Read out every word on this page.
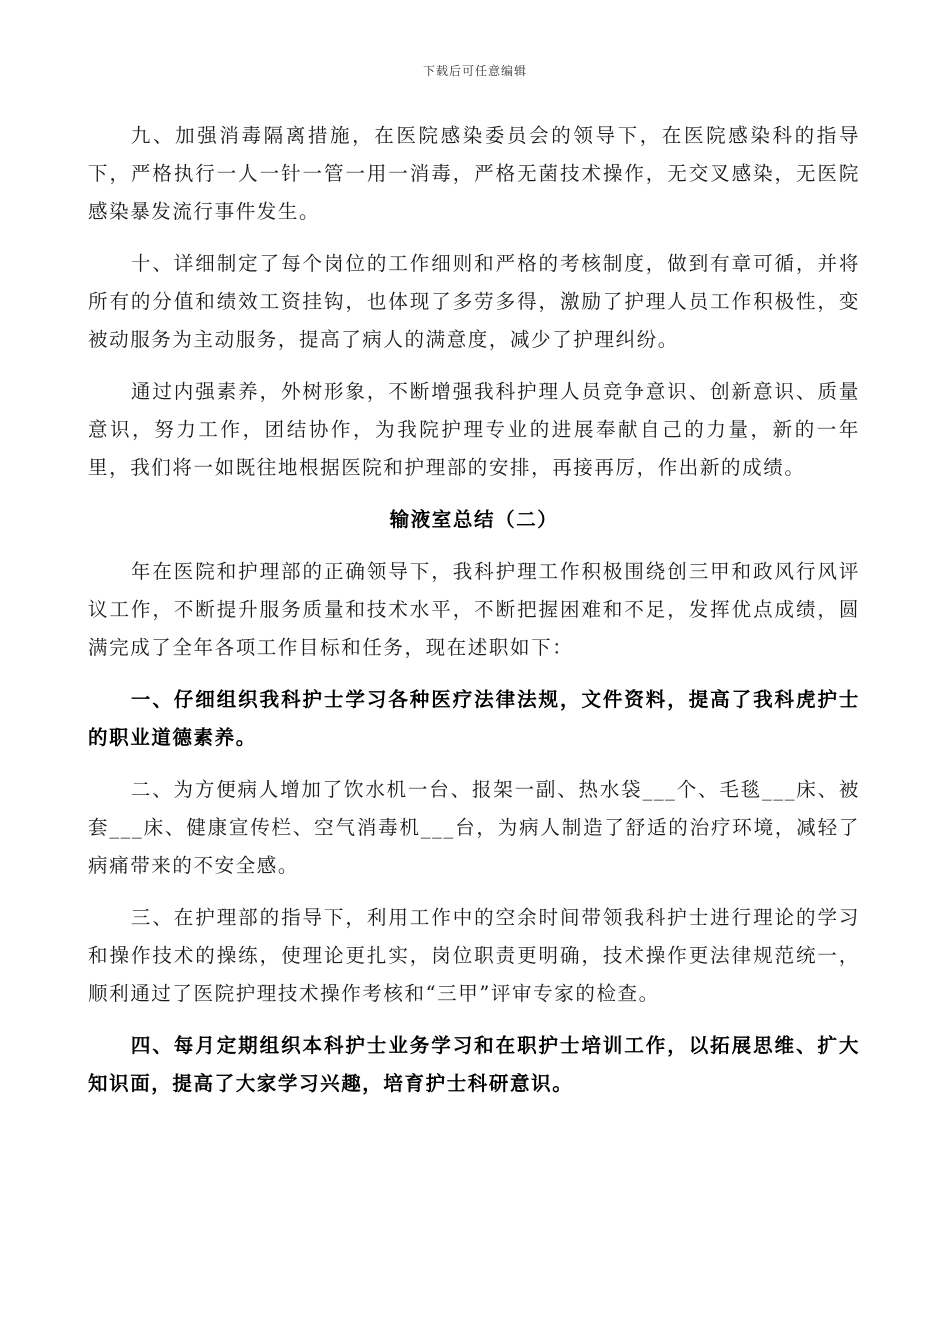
下载后可任意编辑

九、加强消毒隔离措施，在医院感染委员会的领导下，在医院感染科的指导下，严格执行一人一针一管一用一消毒，严格无菌技术操作，无交叉感染，无医院感染暴发流行事件发生。

十、详细制定了每个岗位的工作细则和严格的考核制度，做到有章可循，并将所有的分值和绩效工资挂钩，也体现了多劳多得，激励了护理人员工作积极性，变被动服务为主动服务，提高了病人的满意度，减少了护理纠纷。

通过内强素养，外树形象，不断增强我科护理人员竞争意识、创新意识、质量意识，努力工作，团结协作，为我院护理专业的进展奉献自己的力量，新的一年里，我们将一如既往地根据医院和护理部的安排，再接再厉，作出新的成绩。

输液室总结（二）

年在医院和护理部的正确领导下，我科护理工作积极围绕创三甲和政风行风评议工作，不断提升服务质量和技术水平，不断把握困难和不足，发挥优点成绩，圆满完成了全年各项工作目标和任务，现在述职如下：

一、仔细组织我科护士学习各种医疗法律法规，文件资料，提高了我科虎护士的职业道德素养。

二、为方便病人增加了饮水机一台、报架一副、热水袋___个、毛毯___床、被套___床、健康宣传栏、空气消毒机___台，为病人制造了舒适的治疗环境，减轻了病痛带来的不安全感。

三、在护理部的指导下，利用工作中的空余时间带领我科护士进行理论的学习和操作技术的操练，使理论更扎实，岗位职责更明确，技术操作更法律规范统一，顺利通过了医院护理技术操作考核和“三甲”评审专家的检查。

四、每月定期组织本科护士业务学习和在职护士培训工作，以拓展思维、扩大知识面，提高了大家学习兴趣，培育护士科研意识。
